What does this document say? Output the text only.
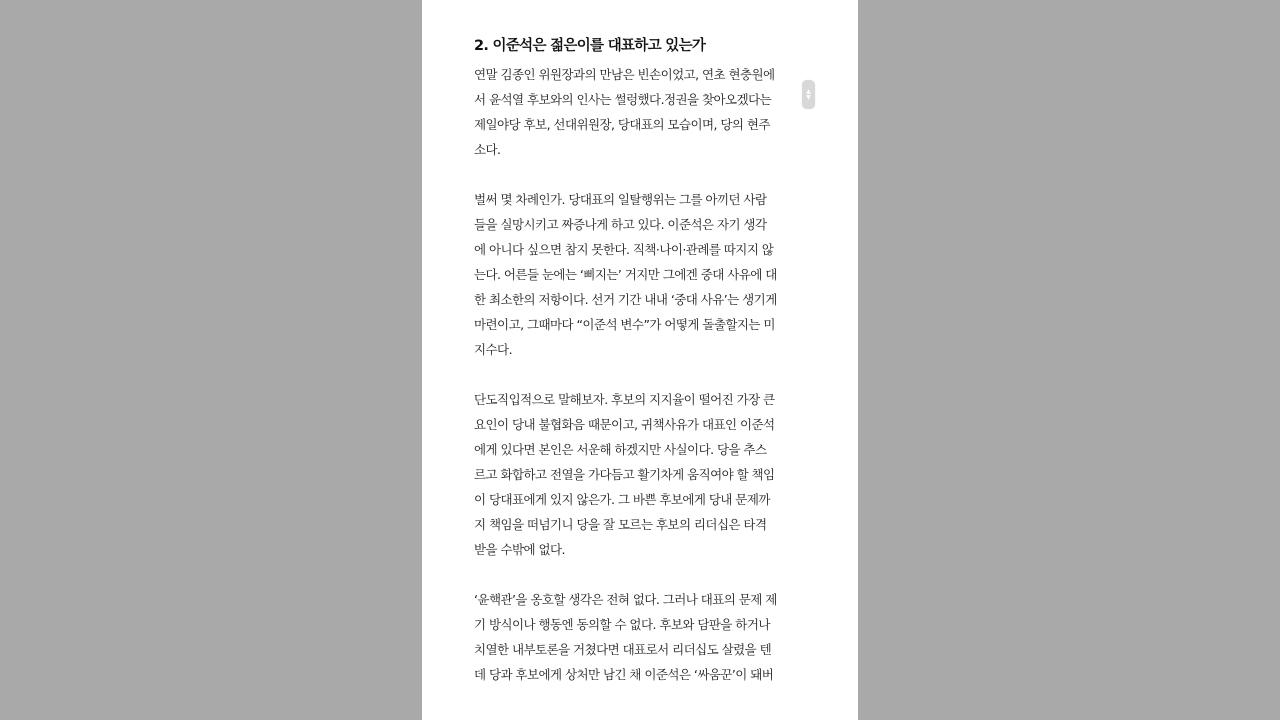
2. 이준석은 젊은이를 대표하고 있는가
연말 김종인 위원장과의 만남은 빈손이었고, 연초 현충원에
서 윤석열 후보와의 인사는 썰렁했다.정권을 찾아오겠다는
제일야당 후보, 선대위원장, 당대표의 모습이며, 당의 현주
소다.
벌써 몇 차례인가. 당대표의 일탈행위는 그를 아끼던 사람
들을 실망시키고 짜증나게 하고 있다. 이준석은 자기 생각
에 아니다 싶으면 참지 못한다. 직책·나이·관례를 따지지 않
는다. 어른들 눈에는 ‘삐지는’ 거지만 그에겐 중대 사유에 대
한 최소한의 저항이다. 선거 기간 내내 ‘중대 사유’는 생기게
마련이고, 그때마다 “이준석 변수”가 어떻게 돌출할지는 미
지수다.
단도직입적으로 말해보자. 후보의 지지율이 떨어진 가장 큰
요인이 당내 불협화음 때문이고, 귀책사유가 대표인 이준석
에게 있다면 본인은 서운해 하겠지만 사실이다. 당을 추스
르고 화합하고 전열을 가다듬고 활기차게 움직여야 할 책임
이 당대표에게 있지 않은가. 그 바쁜 후보에게 당내 문제까
지 책임을 떠넘기니 당을 잘 모르는 후보의 리더십은 타격
받을 수밖에 없다.
‘윤핵관’을 옹호할 생각은 전혀 없다. 그러나 대표의 문제 제
기 방식이나 행동엔 동의할 수 없다. 후보와 담판을 하거나
치열한 내부토론을 거쳤다면 대표로서 리더십도 살렸을 텐
데 당과 후보에게 상처만 남긴 채 이준석은 ‘싸움꾼’이 돼버
▲
▼
